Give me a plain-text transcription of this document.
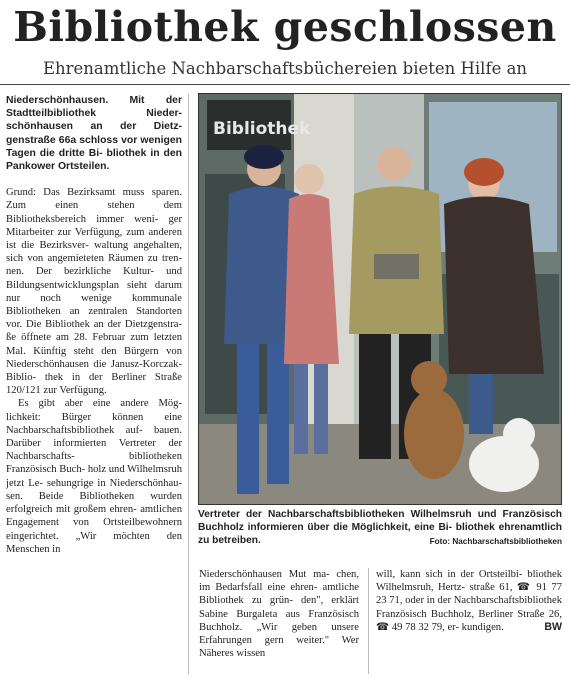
Bibliothek geschlossen
Ehrenamtliche Nachbarschaftsbüchereien bieten Hilfe an

Niederschönhausen. Mit der Stadtteilbibliothek Nieder- schönhausen an der Dietz- genstraße 66a schloss vor wenigen Tagen die dritte Bi- bliothek in den Pankower Ortsteilen.

Grund: Das Bezirksamt muss sparen. Zum einen stehen dem Bibliotheksbereich immer weni- ger Mitarbeiter zur Verfügung, zum anderen ist die Bezirksver- waltung angehalten, sich von angemieteten Räumen zu tren- nen. Der bezirkliche Kultur- und Bildungsentwicklungsplan sieht darum nur noch wenige kommunale Bibliotheken an zentralen Standorten vor. Die Bibliothek an der Dietzgenstra- ße öffnete am 28. Februar zum letzten Mal. Künftig steht den Bürgern von Niederschönhausen die Janusz-Korczak-Biblio- thek in der Berliner Straße 120/121 zur Verfügung.

Es gibt aber eine andere Mög- lichkeit: Bürger können eine Nachbarschaftsbibliothek auf- bauen. Darüber informierten Vertreter der Nachbarschafts- bibliotheken Französisch Buch- holz und Wilhelmsruh jetzt Le- sehungrige in Niederschönhau- sen. Beide Bibliotheken wurden erfolgreich mit großem ehren- amtlichen Engagement von Ortsteilbewohnern eingerichtet. „Wir möchten den Menschen in

Bibliothek
Vertreter der Nachbarschaftsbibliotheken Wilhelmsruh und Französisch Buchholz informieren über die Möglichkeit, eine Bi- bliothek ehrenamtlich zu betreiben.	Foto: Nachbarschaftsbibliotheken

Niederschönhausen Mut ma- chen, im Bedarfsfall eine ehren- amtliche Bibliothek zu grün- den", erklärt Sabine Burgaleta aus Französisch Buchholz. „Wir geben unsere Erfahrungen gern weiter." Wer Näheres wissen

will, kann sich in der Ortsteilbi- bliothek Wilhelmsruh, Hertz- straße 61, ☎ 91 77 23 71, oder in der Nachbarschaftsbibliothek Französisch Buchholz, Berliner Straße 26, ☎ 49 78 32 79, er- kundigen.	BW
